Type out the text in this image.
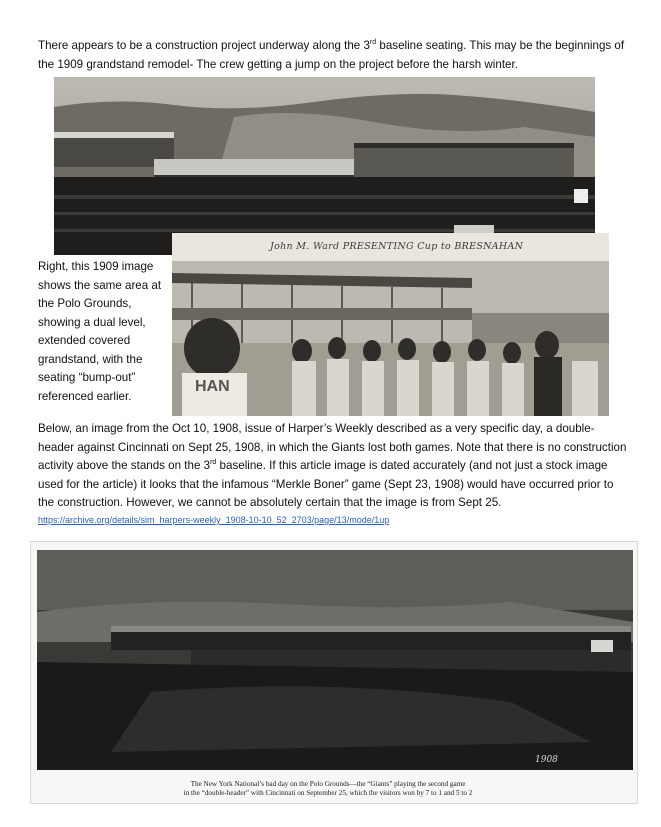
There appears to be a construction project underway along the 3rd baseline seating. This may be the beginnings of the 1909 grandstand remodel- The crew getting a jump on the project before the harsh winter.

Right, this 1909 image shows the same area at the Polo Grounds, showing a dual level, extended covered grandstand, with the seating “bump-out” referenced earlier.

John M. Ward PRESENTING Cup to BRESNAHAN
HAN

Below, an image from the Oct 10, 1908, issue of Harper’s Weekly described as a very specific day, a double-header against Cincinnati on Sept 25, 1908, in which the Giants lost both games. Note that there is no construction activity above the stands on the 3rd baseline. If this article image is dated accurately (and not just a stock image used for the article) it looks that the infamous “Merkle Boner” game (Sept 23, 1908) would have occurred prior to the construction. However, we cannot be absolutely certain that the image is from Sept 25.

https://archive.org/details/sim_harpers-weekly_1908-10-10_52_2703/page/13/mode/1up
1908
The New York National’s bad day on the Polo Grounds—the “Giants” playing the second game
in the “double-header” with Cincinnati on September 25, which the visitors won by 7 to 1 and 5 to 2
